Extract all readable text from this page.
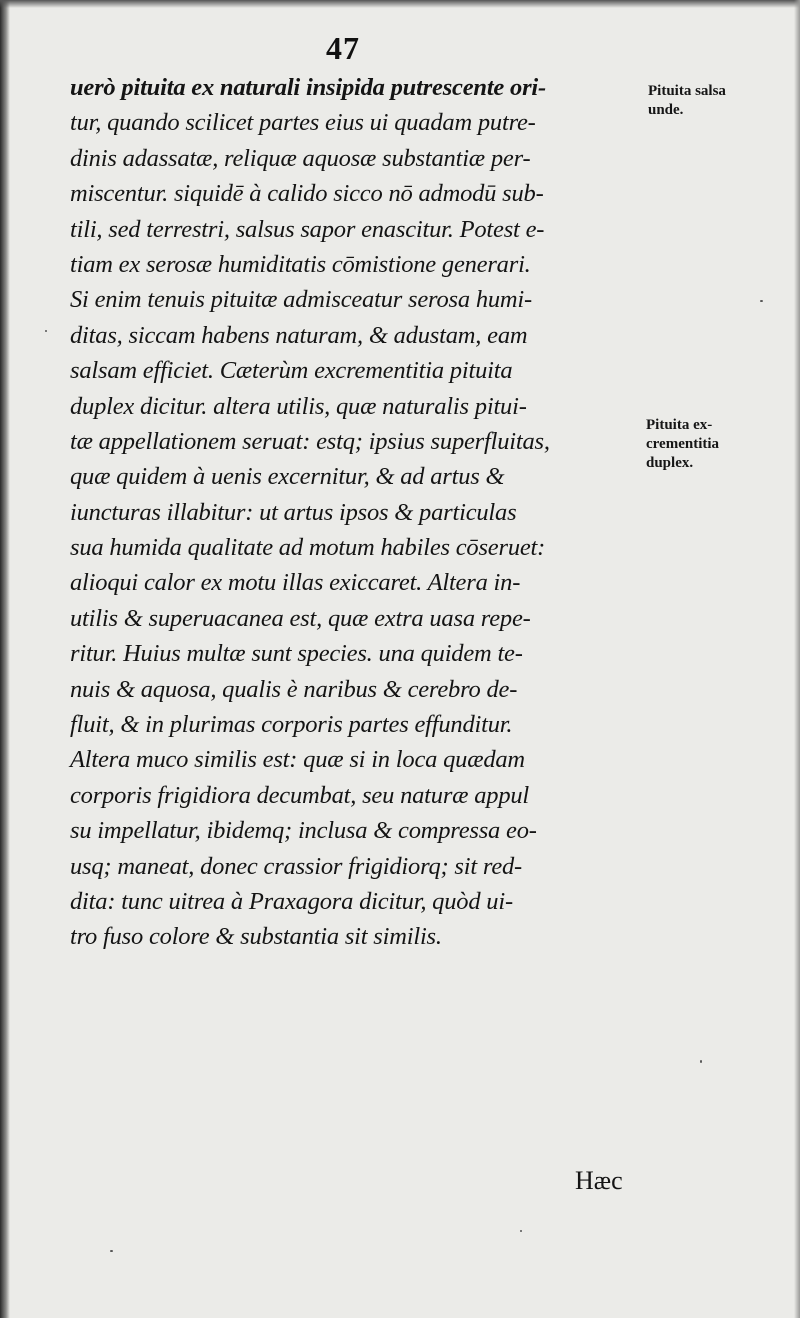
47
uerò pituita ex naturali insipida putrescente ori-
tur, quando scilicet partes eius ui quadam putre-
dinis adassatæ, reliquæ aquosæ substantiæ per-
miscentur. siquidē à calido sicco nō admodū sub-
tili, sed terrestri, salsus sapor enascitur. Potest e-
tiam ex serosæ humiditatis cōmistione generari.
Si enim tenuis pituitæ admisceatur serosa humi-
ditas, siccam habens naturam, & adustam, eam
salsam efficiet. Cæterùm excrementitia pituita
duplex dicitur. altera utilis, quæ naturalis pitui-
tæ appellationem seruat: estq; ipsius superfluitas,
quæ quidem à uenis excernitur, & ad artus &
iuncturas illabitur: ut artus ipsos & particulas
sua humida qualitate ad motum habiles cōseruet:
alioqui calor ex motu illas exiccaret. Altera in-
utilis & superuacanea est, quæ extra uasa repe-
ritur. Huius multæ sunt species. una quidem te-
nuis & aquosa, qualis è naribus & cerebro de-
fluit, & in plurimas corporis partes effunditur.
Altera muco similis est: quæ si in loca quædam
corporis frigidiora decumbat, seu naturæ appul
su impellatur, ibidemq; inclusa & compressa eo-
usq; maneat, donec crassior frigidiorq; sit red-
dita: tunc uitrea à Praxagora dicitur, quòd ui-
tro fuso colore & substantia sit similis.
Pituita salsa
unde.
Pituita ex-
crementitia
duplex.
Hæc
